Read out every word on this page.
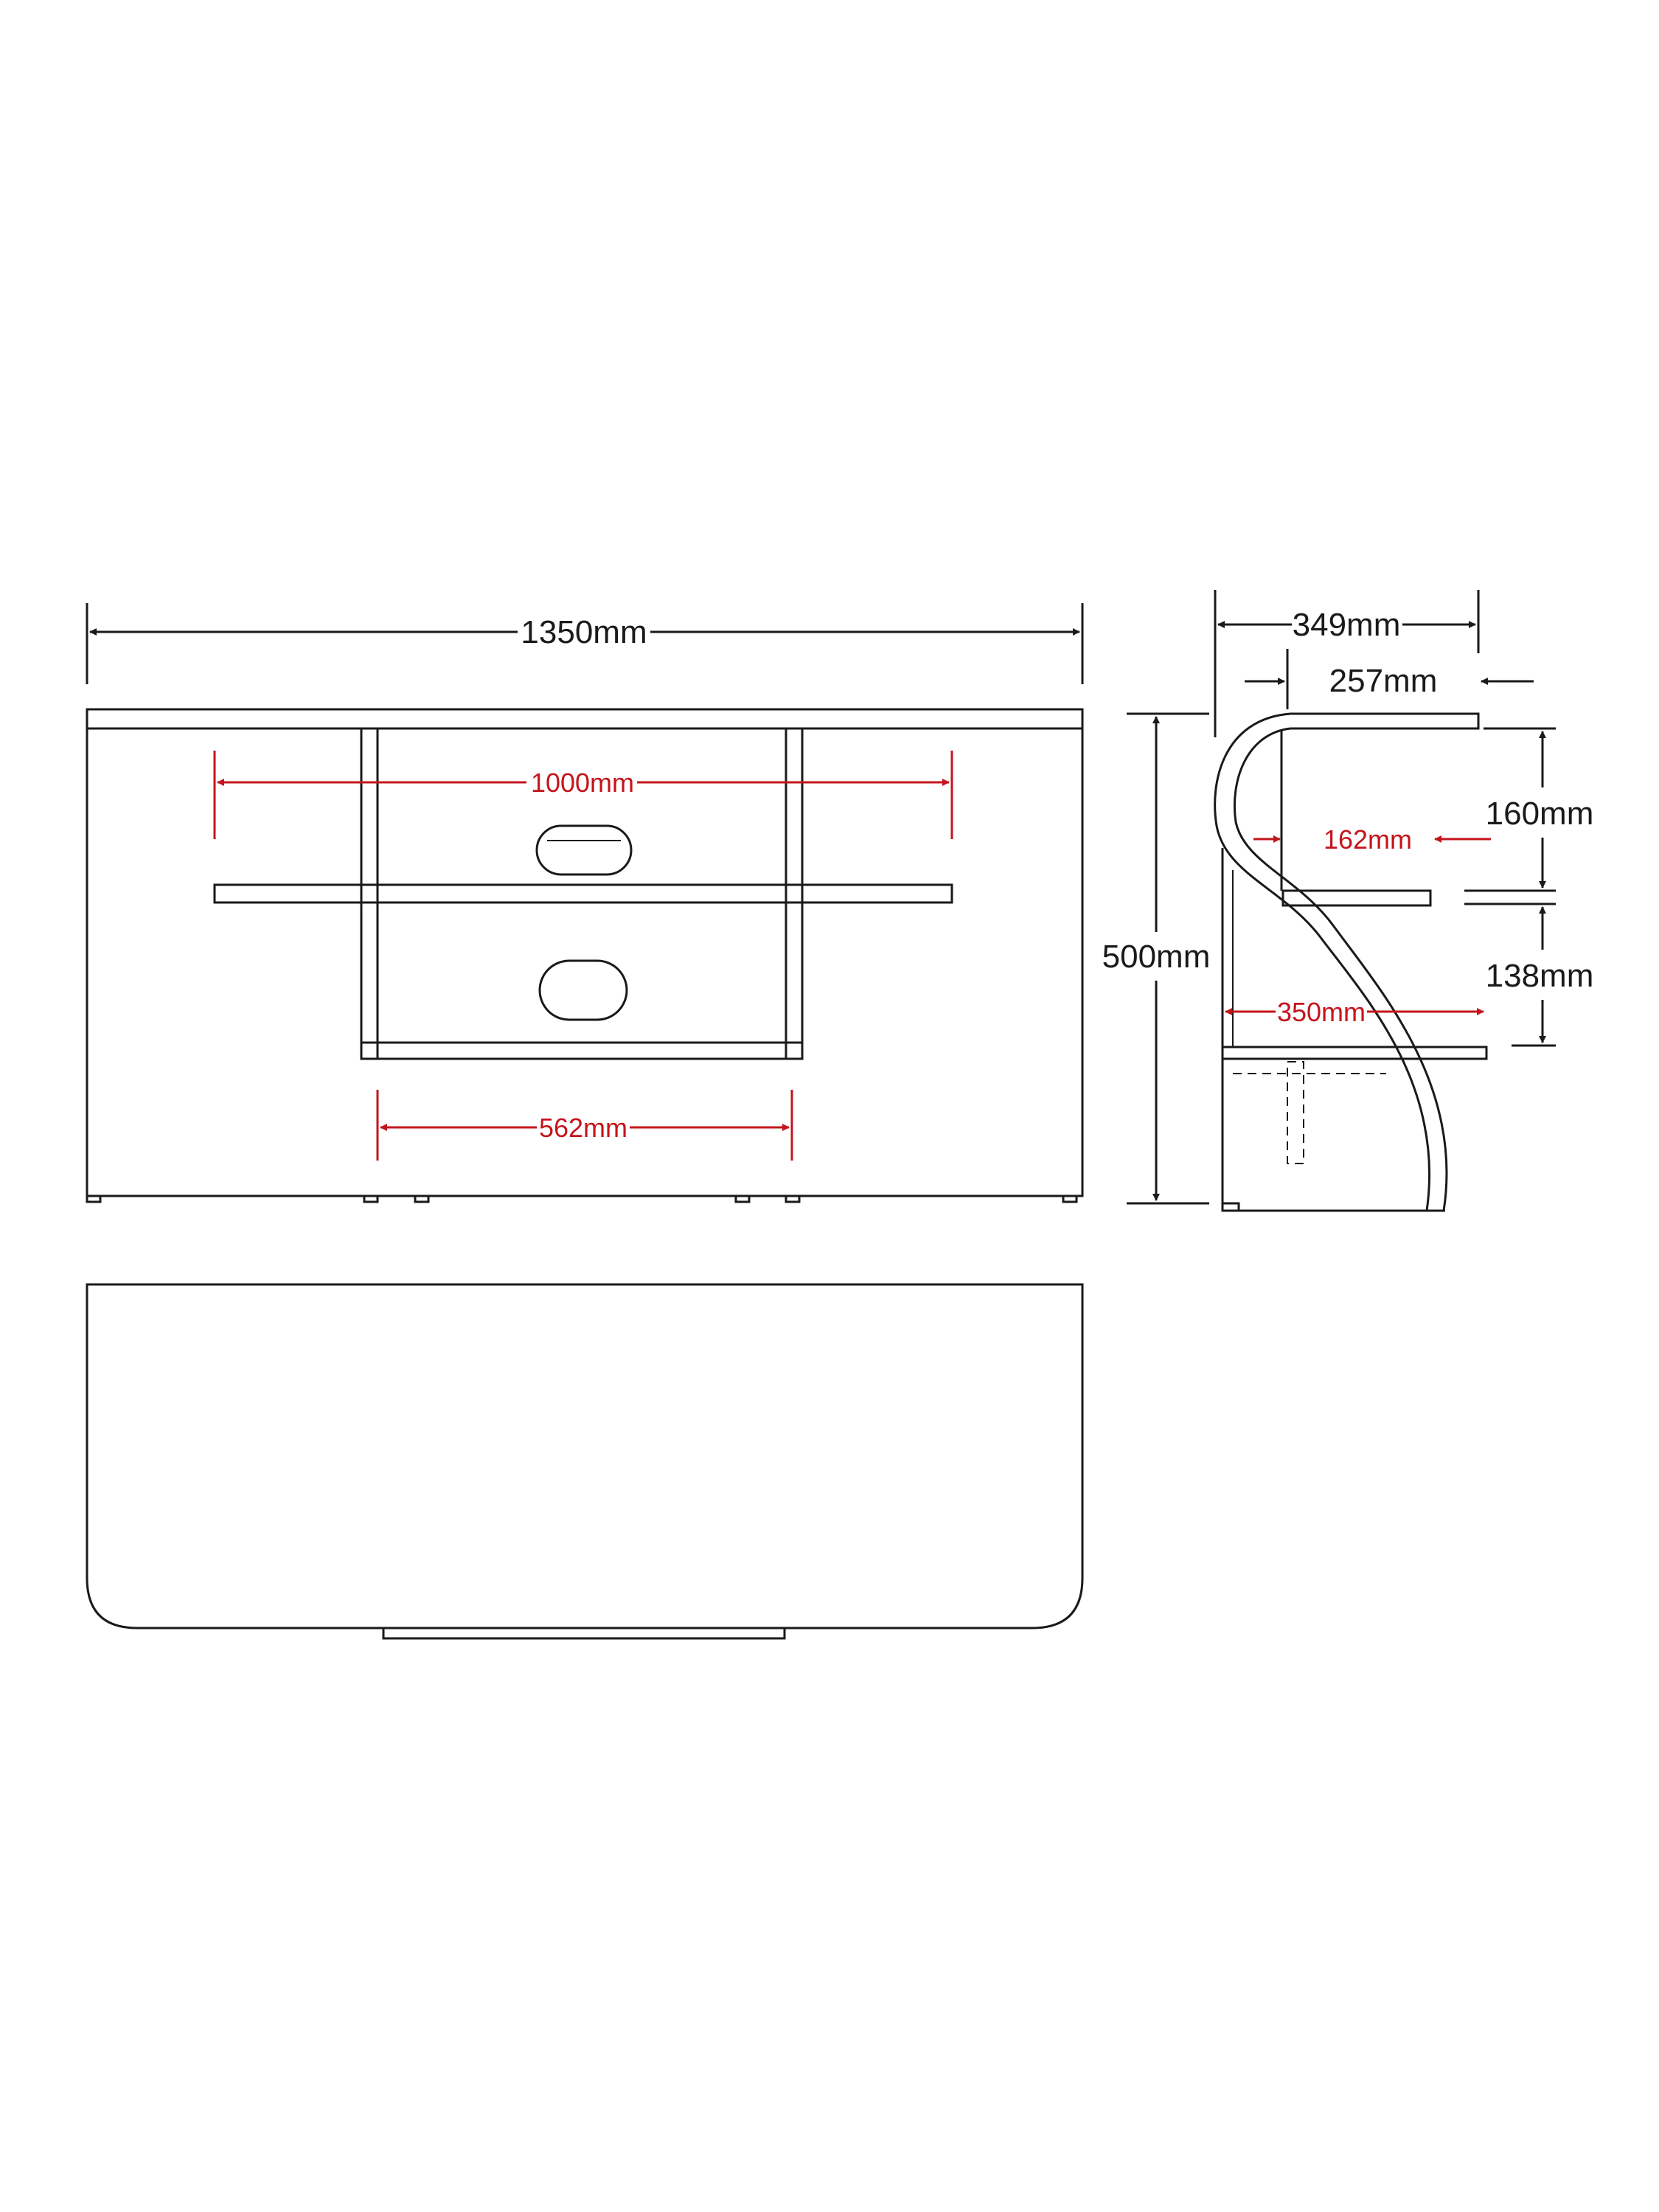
1350mm
1000mm
562mm
500mm
349mm
257mm
160mm
162mm
138mm
350mm
